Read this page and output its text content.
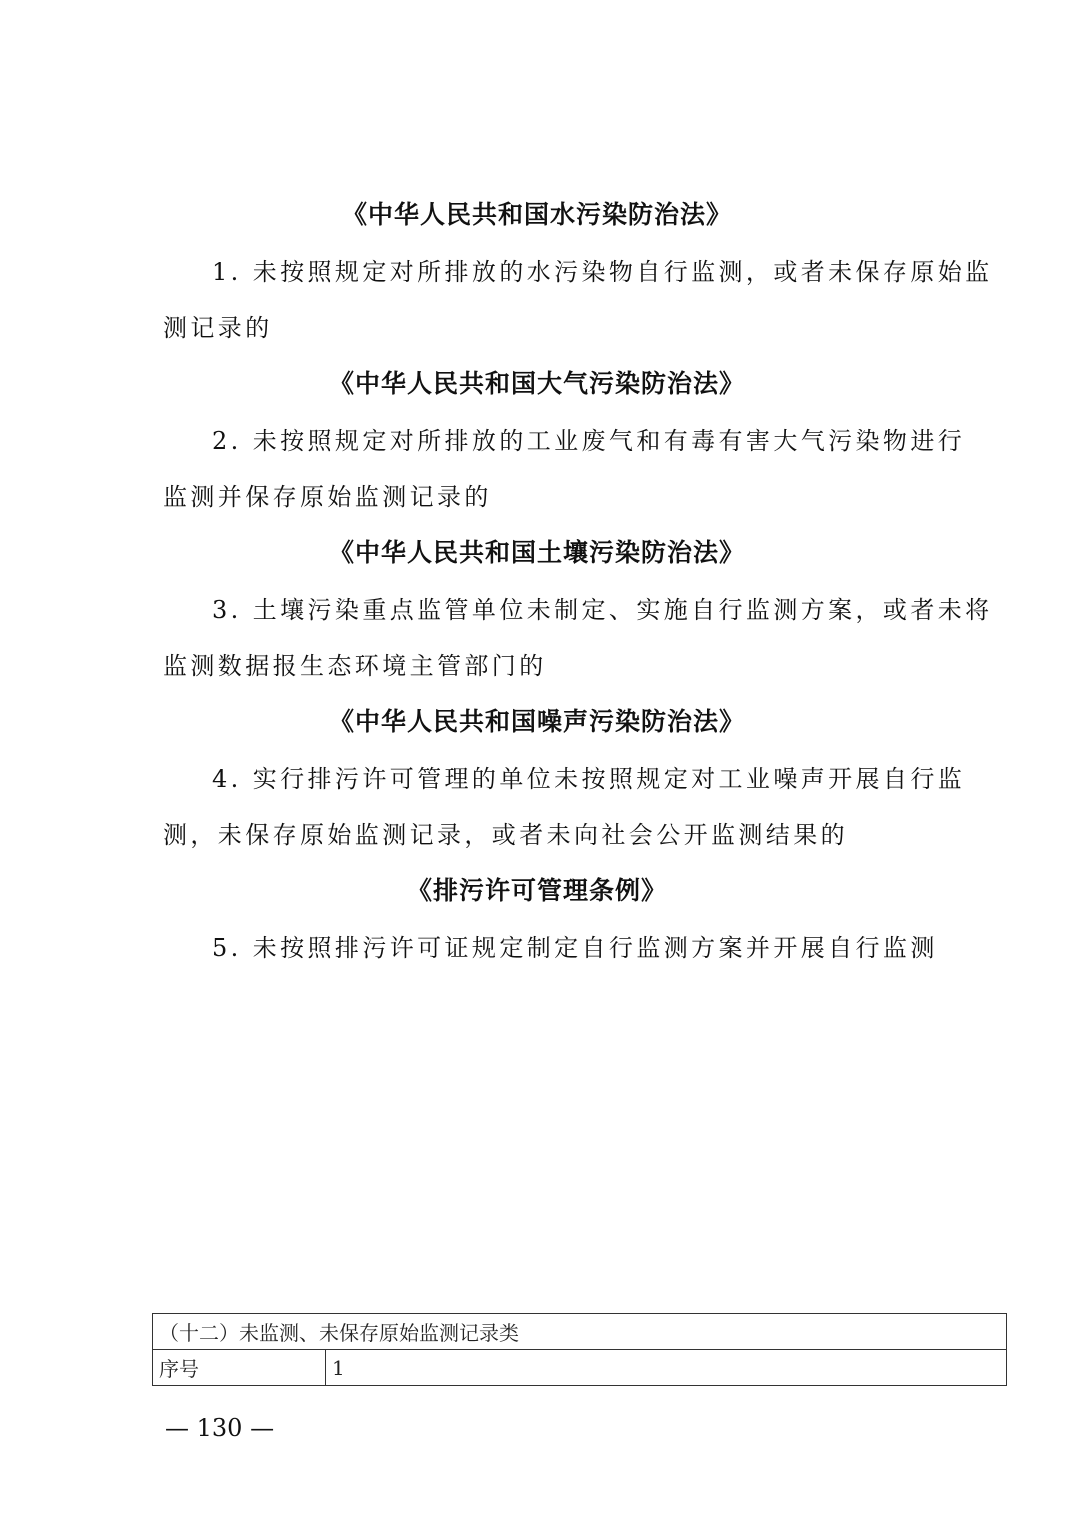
《中华人民共和国水污染防治法》
1. 未按照规定对所排放的水污染物自行监测，或者未保存原始监
测记录的
《中华人民共和国大气污染防治法》
2. 未按照规定对所排放的工业废气和有毒有害大气污染物进行
监测并保存原始监测记录的
《中华人民共和国土壤污染防治法》
3. 土壤污染重点监管单位未制定、实施自行监测方案，或者未将
监测数据报生态环境主管部门的
《中华人民共和国噪声污染防治法》
4. 实行排污许可管理的单位未按照规定对工业噪声开展自行监
测，未保存原始监测记录，或者未向社会公开监测结果的
《排污许可管理条例》
5. 未按照排污许可证规定制定自行监测方案并开展自行监测
（十二）未监测、未保存原始监测记录类
序号	1
— 130 —
